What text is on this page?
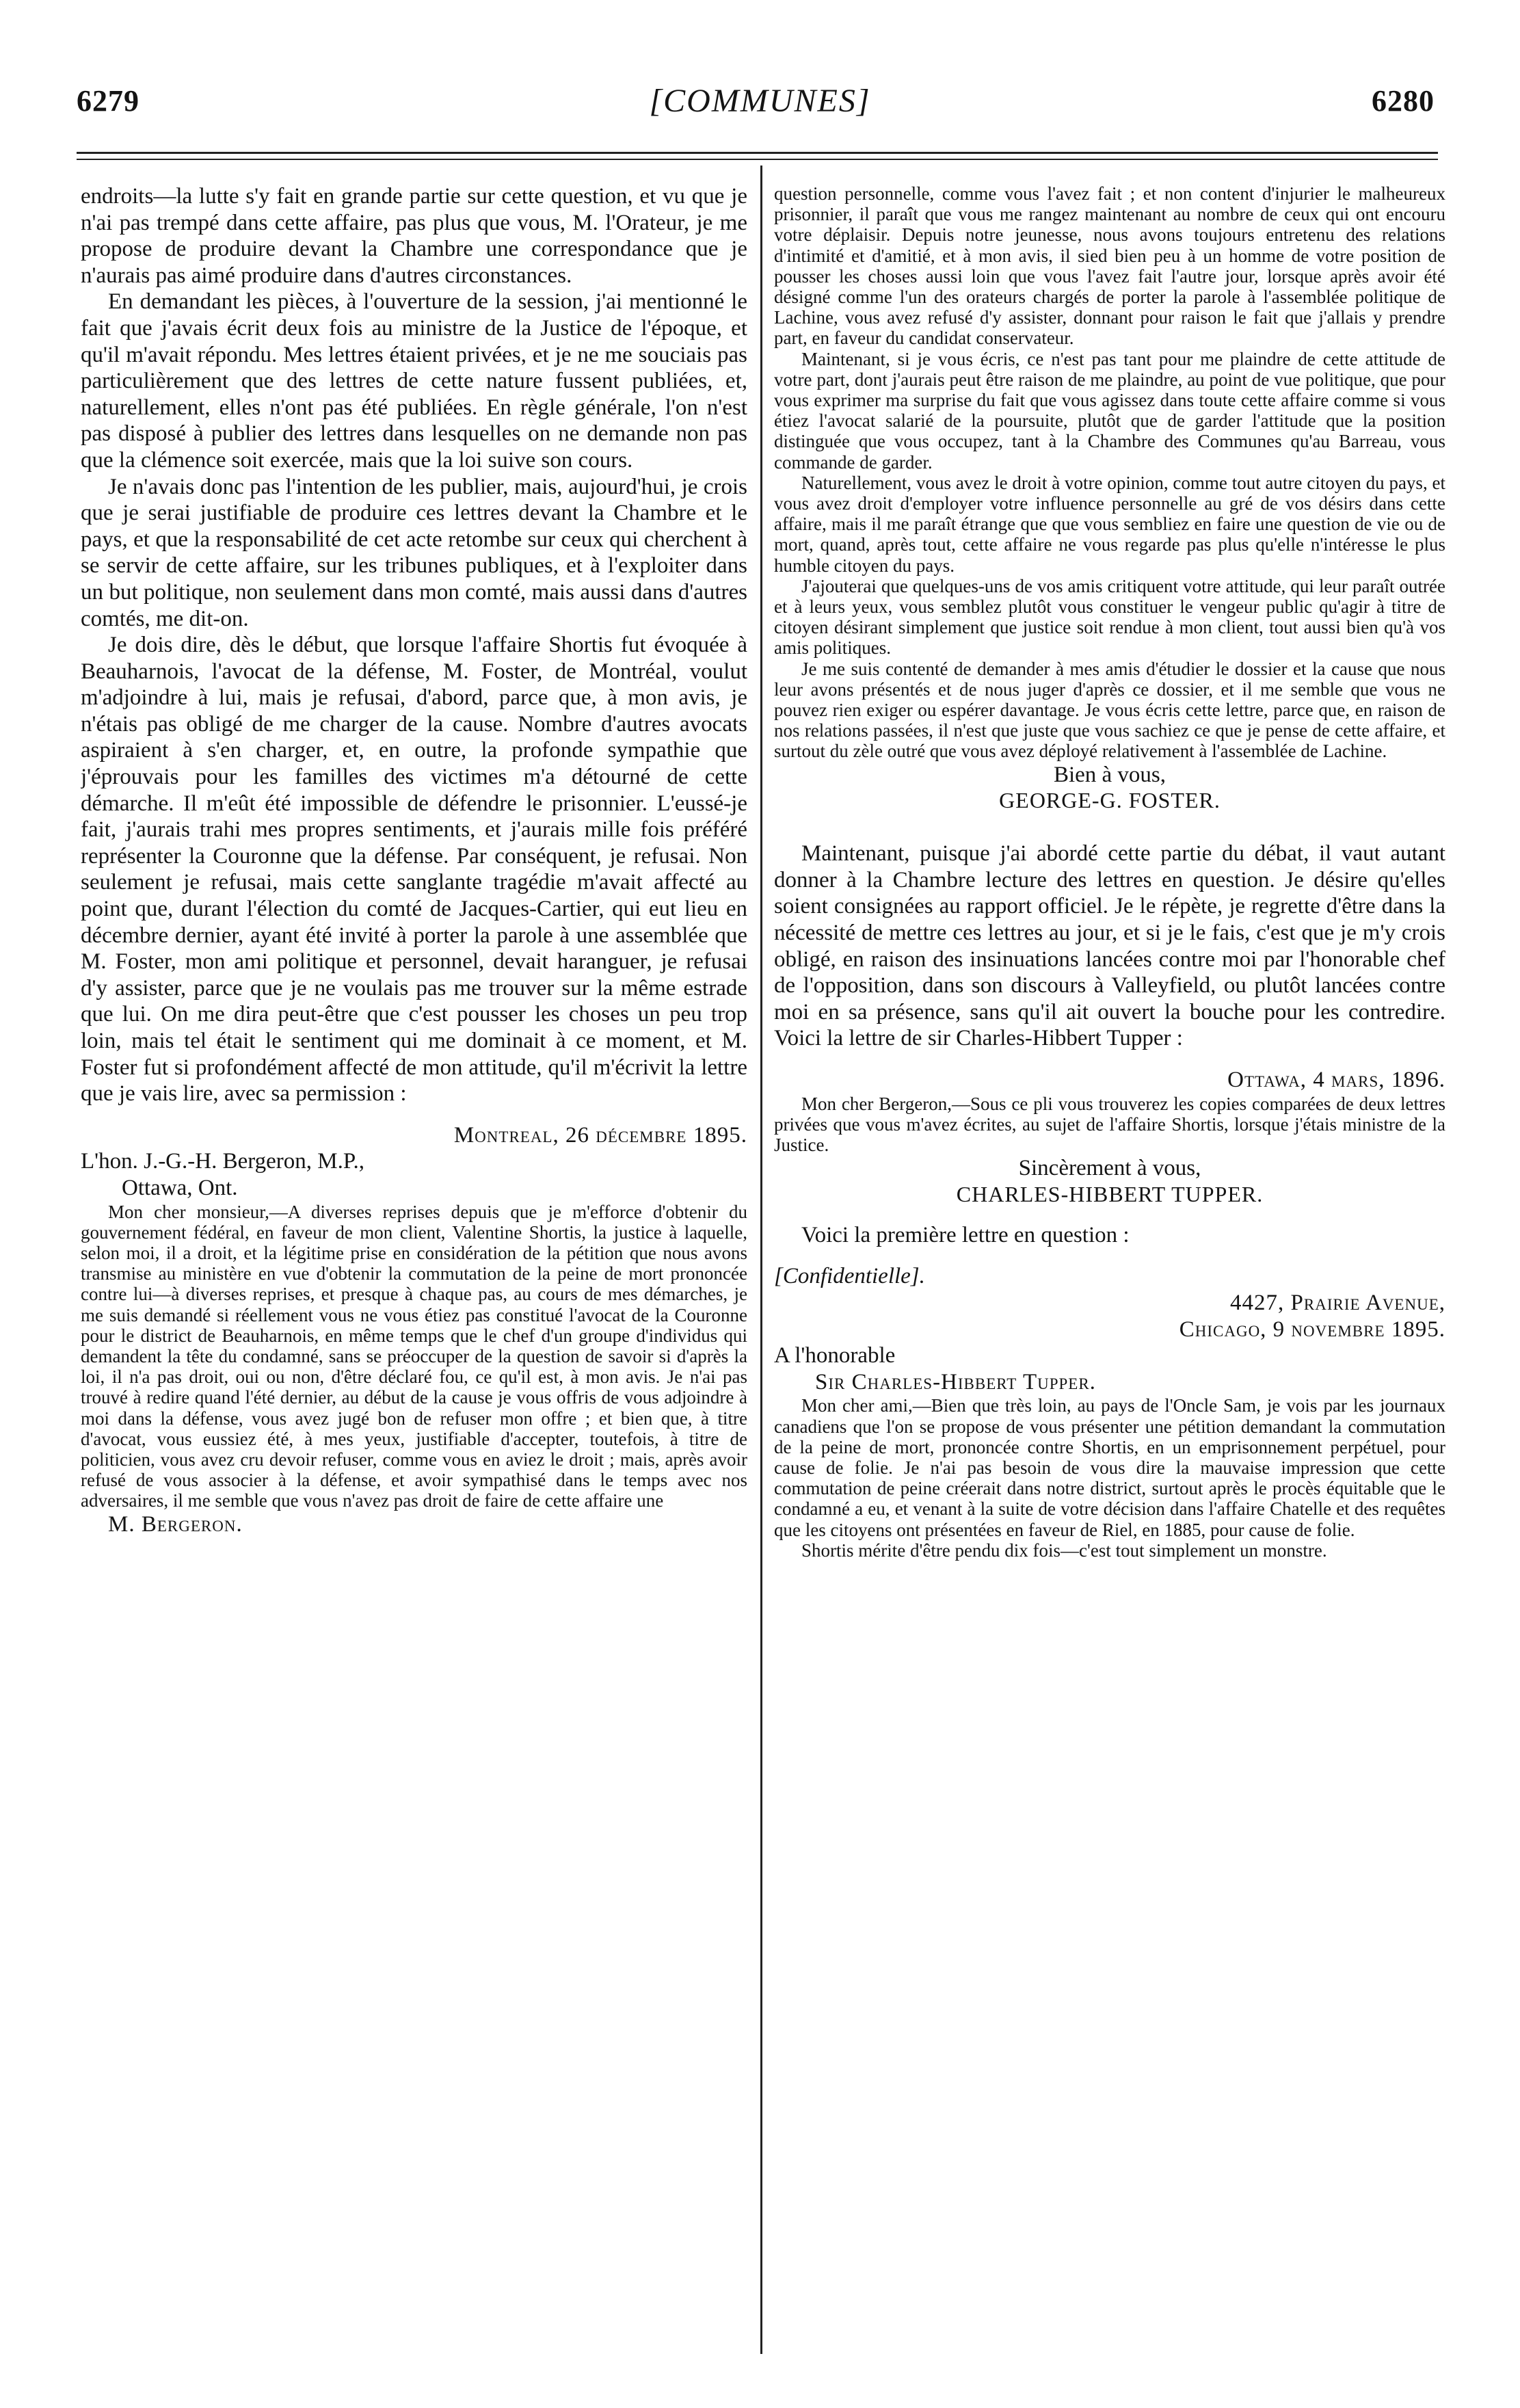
6279	[COMMUNES]	6280

endroits—la lutte s'y fait en grande partie sur cette question, et vu que je n'ai pas trempé dans cette affaire, pas plus que vous, M. l'Orateur, je me propose de produire devant la Chambre une correspondance que je n'aurais pas aimé produire dans d'autres circonstances.

En demandant les pièces, à l'ouverture de la session, j'ai mentionné le fait que j'avais écrit deux fois au ministre de la Justice de l'époque, et qu'il m'avait répondu. Mes lettres étaient privées, et je ne me souciais pas particulièrement que des lettres de cette nature fussent publiées, et, naturellement, elles n'ont pas été publiées. En règle générale, l'on n'est pas disposé à publier des lettres dans lesquelles on ne demande non pas que la clémence soit exercée, mais que la loi suive son cours.

Je n'avais donc pas l'intention de les publier, mais, aujourd'hui, je crois que je serai justifiable de produire ces lettres devant la Chambre et le pays, et que la responsabilité de cet acte retombe sur ceux qui cherchent à se servir de cette affaire, sur les tribunes publiques, et à l'exploiter dans un but politique, non seulement dans mon comté, mais aussi dans d'autres comtés, me dit-on.

Je dois dire, dès le début, que lorsque l'affaire Shortis fut évoquée à Beauharnois, l'avocat de la défense, M. Foster, de Montréal, voulut m'adjoindre à lui, mais je refusai, d'abord, parce que, à mon avis, je n'étais pas obligé de me charger de la cause. Nombre d'autres avocats aspiraient à s'en charger, et, en outre, la profonde sympathie que j'éprouvais pour les familles des victimes m'a détourné de cette démarche. Il m'eût été impossible de défendre le prisonnier. L'eussé-je fait, j'aurais trahi mes propres sentiments, et j'aurais mille fois préféré représenter la Couronne que la défense. Par conséquent, je refusai. Non seulement je refusai, mais cette sanglante tragédie m'avait affecté au point que, durant l'élection du comté de Jacques-Cartier, qui eut lieu en décembre dernier, ayant été invité à porter la parole à une assemblée que M. Foster, mon ami politique et personnel, devait haranguer, je refusai d'y assister, parce que je ne voulais pas me trouver sur la même estrade que lui. On me dira peut-être que c'est pousser les choses un peu trop loin, mais tel était le sentiment qui me dominait à ce moment, et M. Foster fut si profondément affecté de mon attitude, qu'il m'écrivit la lettre que je vais lire, avec sa permission :

Montreal, 26 décembre 1895.

L'hon. J.-G.-H. Bergeron, M.P.,

Ottawa, Ont.

Mon cher monsieur,—A diverses reprises depuis que je m'efforce d'obtenir du gouvernement fédéral, en faveur de mon client, Valentine Shortis, la justice à laquelle, selon moi, il a droit, et la légitime prise en considération de la pétition que nous avons transmise au ministère en vue d'obtenir la commutation de la peine de mort prononcée contre lui—à diverses reprises, et presque à chaque pas, au cours de mes démarches, je me suis demandé si réellement vous ne vous étiez pas constitué l'avocat de la Couronne pour le district de Beauharnois, en même temps que le chef d'un groupe d'individus qui demandent la tête du condamné, sans se préoccuper de la question de savoir si d'après la loi, il n'a pas droit, oui ou non, d'être déclaré fou, ce qu'il est, à mon avis. Je n'ai pas trouvé à redire quand l'été dernier, au début de la cause je vous offris de vous adjoindre à moi dans la défense, vous avez jugé bon de refuser mon offre ; et bien que, à titre d'avocat, vous eussiez été, à mes yeux, justifiable d'accepter, toutefois, à titre de politicien, vous avez cru devoir refuser, comme vous en aviez le droit ; mais, après avoir refusé de vous associer à la défense, et avoir sympathisé dans le temps avec nos adversaires, il me semble que vous n'avez pas droit de faire de cette affaire une

M. Bergeron.

question personnelle, comme vous l'avez fait ; et non content d'injurier le malheureux prisonnier, il paraît que vous me rangez maintenant au nombre de ceux qui ont encouru votre déplaisir. Depuis notre jeunesse, nous avons toujours entretenu des relations d'intimité et d'amitié, et à mon avis, il sied bien peu à un homme de votre position de pousser les choses aussi loin que vous l'avez fait l'autre jour, lorsque après avoir été désigné comme l'un des orateurs chargés de porter la parole à l'assemblée politique de Lachine, vous avez refusé d'y assister, donnant pour raison le fait que j'allais y prendre part, en faveur du candidat conservateur.

Maintenant, si je vous écris, ce n'est pas tant pour me plaindre de cette attitude de votre part, dont j'aurais peut être raison de me plaindre, au point de vue politique, que pour vous exprimer ma surprise du fait que vous agissez dans toute cette affaire comme si vous étiez l'avocat salarié de la poursuite, plutôt que de garder l'attitude que la position distinguée que vous occupez, tant à la Chambre des Communes qu'au Barreau, vous commande de garder.

Naturellement, vous avez le droit à votre opinion, comme tout autre citoyen du pays, et vous avez droit d'employer votre influence personnelle au gré de vos désirs dans cette affaire, mais il me paraît étrange que que vous sembliez en faire une question de vie ou de mort, quand, après tout, cette affaire ne vous regarde pas plus qu'elle n'intéresse le plus humble citoyen du pays.

J'ajouterai que quelques-uns de vos amis critiquent votre attitude, qui leur paraît outrée et à leurs yeux, vous semblez plutôt vous constituer le vengeur public qu'agir à titre de citoyen désirant simplement que justice soit rendue à mon client, tout aussi bien qu'à vos amis politiques.

Je me suis contenté de demander à mes amis d'étudier le dossier et la cause que nous leur avons présentés et de nous juger d'après ce dossier, et il me semble que vous ne pouvez rien exiger ou espérer davantage. Je vous écris cette lettre, parce que, en raison de nos relations passées, il n'est que juste que vous sachiez ce que je pense de cette affaire, et surtout du zèle outré que vous avez déployé relativement à l'assemblée de Lachine.

Bien à vous,

GEORGE-G. FOSTER.

Maintenant, puisque j'ai abordé cette partie du débat, il vaut autant donner à la Chambre lecture des lettres en question. Je désire qu'elles soient consignées au rapport officiel. Je le répète, je regrette d'être dans la nécessité de mettre ces lettres au jour, et si je le fais, c'est que je m'y crois obligé, en raison des insinuations lancées contre moi par l'honorable chef de l'opposition, dans son discours à Valleyfield, ou plutôt lancées contre moi en sa présence, sans qu'il ait ouvert la bouche pour les contredire. Voici la lettre de sir Charles-Hibbert Tupper :

Ottawa, 4 mars, 1896.

Mon cher Bergeron,—Sous ce pli vous trouverez les copies comparées de deux lettres privées que vous m'avez écrites, au sujet de l'affaire Shortis, lorsque j'étais ministre de la Justice.

Sincèrement à vous,

CHARLES-HIBBERT TUPPER.

Voici la première lettre en question :

[Confidentielle].

4427, Prairie Avenue,

Chicago, 9 novembre 1895.

A l'honorable

Sir Charles-Hibbert Tupper.

Mon cher ami,—Bien que très loin, au pays de l'Oncle Sam, je vois par les journaux canadiens que l'on se propose de vous présenter une pétition demandant la commutation de la peine de mort, prononcée contre Shortis, en un emprisonnement perpétuel, pour cause de folie. Je n'ai pas besoin de vous dire la mauvaise impression que cette commutation de peine créerait dans notre district, surtout après le procès équitable que le condamné a eu, et venant à la suite de votre décision dans l'affaire Chatelle et des requêtes que les citoyens ont présentées en faveur de Riel, en 1885, pour cause de folie.

Shortis mérite d'être pendu dix fois—c'est tout simplement un monstre.
